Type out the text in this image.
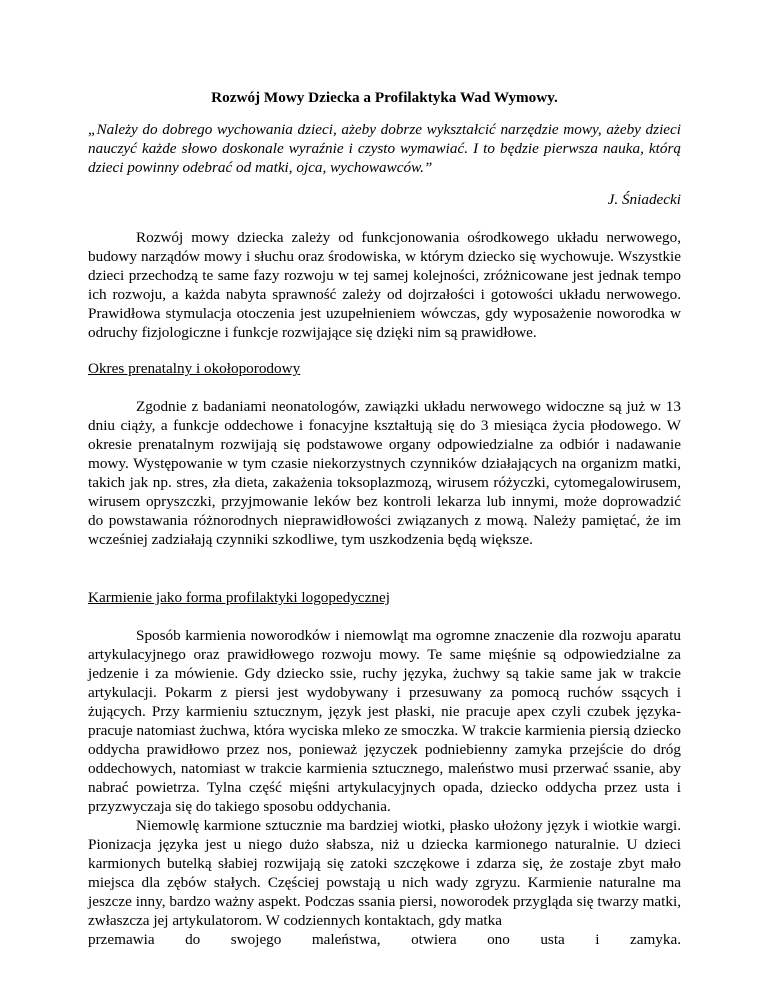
Rozwój Mowy Dziecka a Profilaktyka Wad Wymowy.

„Należy do dobrego wychowania dzieci, ażeby dobrze wykształcić narzędzie mowy, ażeby dzieci nauczyć każde słowo doskonale wyraźnie i czysto wymawiać. I to będzie pierwsza nauka, którą dzieci powinny odebrać od matki, ojca, wychowawców.”

J. Śniadecki

Rozwój mowy dziecka zależy od funkcjonowania ośrodkowego układu nerwowego, budowy narządów mowy i słuchu oraz środowiska, w którym dziecko się wychowuje. Wszystkie dzieci przechodzą te same fazy rozwoju w tej samej kolejności, zróżnicowane jest jednak tempo ich rozwoju, a każda nabyta sprawność zależy od dojrzałości i gotowości układu nerwowego. Prawidłowa stymulacja otoczenia jest uzupełnieniem wówczas, gdy wyposażenie noworodka w odruchy fizjologiczne i funkcje rozwijające się dzięki nim są prawidłowe.

Okres prenatalny i okołoporodowy

Zgodnie z badaniami neonatologów, zawiązki układu nerwowego widoczne są już w 13 dniu ciąży, a funkcje oddechowe i fonacyjne kształtują się do 3 miesiąca życia płodowego. W okresie prenatalnym rozwijają się podstawowe organy odpowiedzialne za odbiór i nadawanie mowy. Występowanie w tym czasie niekorzystnych czynników działających na organizm matki, takich jak np. stres, zła dieta, zakażenia toksoplazmozą, wirusem różyczki, cytomegalowirusem, wirusem opryszczki, przyjmowanie leków bez kontroli lekarza lub innymi, może doprowadzić do powstawania różnorodnych nieprawidłowości związanych z mową. Należy pamiętać, że im wcześniej zadziałają czynniki szkodliwe, tym uszkodzenia będą większe.

Karmienie jako forma profilaktyki logopedycznej

Sposób karmienia noworodków i niemowląt ma ogromne znaczenie dla rozwoju aparatu artykulacyjnego oraz prawidłowego rozwoju mowy. Te same mięśnie są odpowiedzialne za jedzenie i za mówienie. Gdy dziecko ssie, ruchy języka, żuchwy są takie same jak w trakcie artykulacji. Pokarm z piersi jest wydobywany i przesuwany za pomocą ruchów ssących i żujących. Przy karmieniu sztucznym, język jest płaski, nie pracuje apex czyli czubek języka- pracuje natomiast żuchwa, która wyciska mleko ze smoczka. W trakcie karmienia piersią dziecko oddycha prawidłowo przez nos, ponieważ języczek podniebienny zamyka przejście do dróg oddechowych, natomiast w trakcie karmienia sztucznego, maleństwo musi przerwać ssanie, aby nabrać powietrza. Tylna część mięśni artykulacyjnych opada, dziecko oddycha przez usta i przyzwyczaja się do takiego sposobu oddychania.

Niemowlę karmione sztucznie ma bardziej wiotki, płasko ułożony język i wiotkie wargi. Pionizacja języka jest u niego dużo słabsza, niż u dziecka karmionego naturalnie. U dzieci karmionych butelką słabiej rozwijają się zatoki szczękowe i zdarza się, że zostaje zbyt mało miejsca dla zębów stałych. Częściej powstają u nich wady zgryzu. Karmienie naturalne ma jeszcze inny, bardzo ważny aspekt. Podczas ssania piersi, noworodek przygląda się twarzy matki, zwłaszcza jej artykulatorom. W codziennych kontaktach, gdy matka

przemawia do swojego maleństwa, otwiera ono usta i zamyka.
